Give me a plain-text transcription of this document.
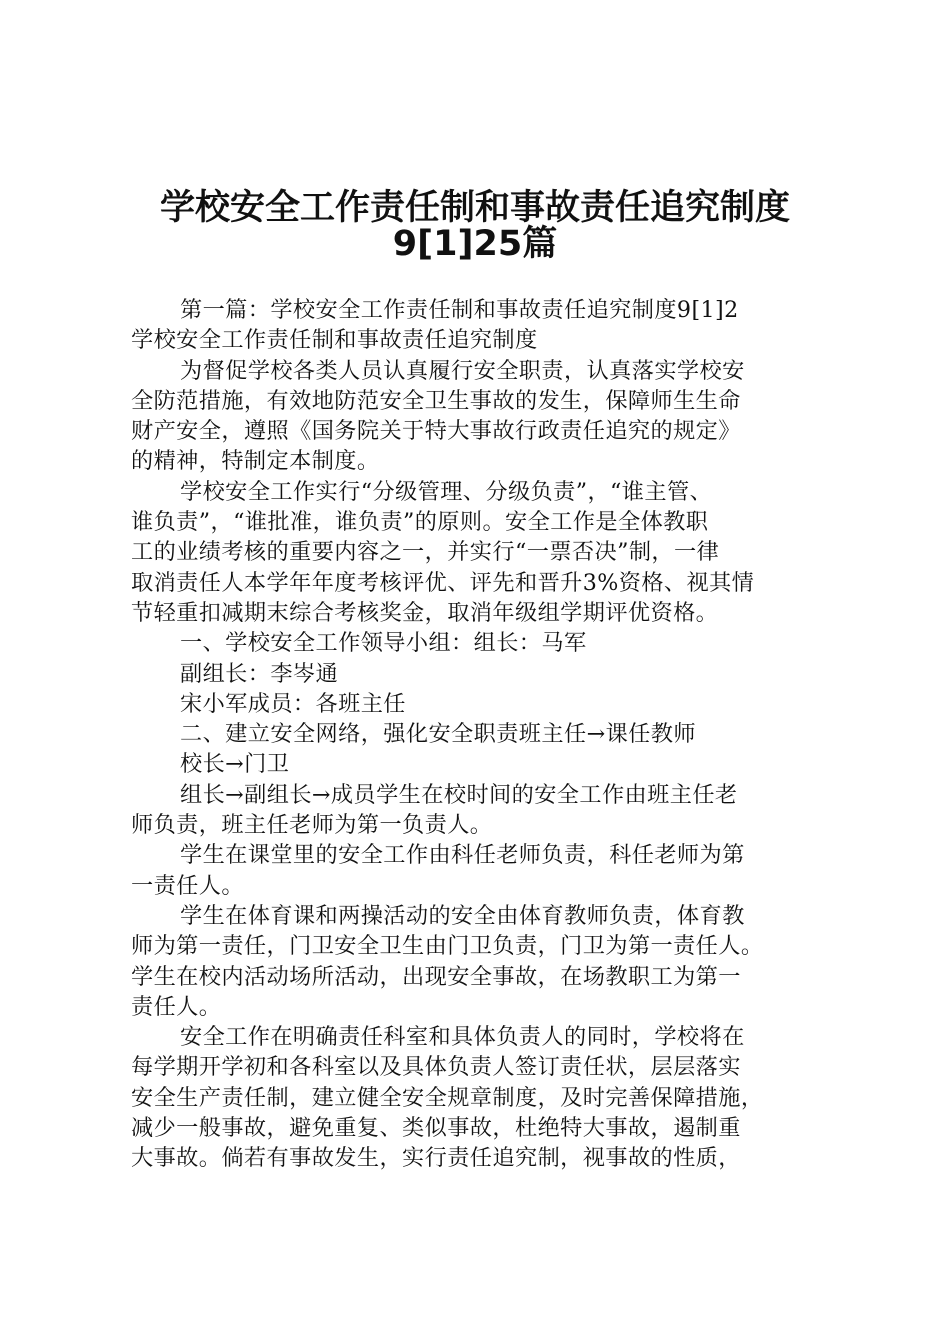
学校安全工作责任制和事故责任追究制度
9[1]25篇
第一篇：学校安全工作责任制和事故责任追究制度9[1]2
学校安全工作责任制和事故责任追究制度
为督促学校各类人员认真履行安全职责，认真落实学校安
全防范措施，有效地防范安全卫生事故的发生，保障师生生命
财产安全，遵照《国务院关于特大事故行政责任追究的规定》
的精神，特制定本制度。
学校安全工作实行“分级管理、分级负责”，“谁主管、
谁负责”，“谁批准，谁负责”的原则。安全工作是全体教职
工的业绩考核的重要内容之一，并实行“一票否决”制，一律
取消责任人本学年年度考核评优、评先和晋升3%资格、视其情
节轻重扣减期末综合考核奖金，取消年级组学期评优资格。
一、学校安全工作领导小组：组长：马军
副组长：李岑通
宋小军成员：各班主任
二、建立安全网络，强化安全职责班主任→课任教师
校长→门卫
组长→副组长→成员学生在校时间的安全工作由班主任老
师负责，班主任老师为第一负责人。
学生在课堂里的安全工作由科任老师负责，科任老师为第
一责任人。
学生在体育课和两操活动的安全由体育教师负责，体育教
师为第一责任，门卫安全卫生由门卫负责，门卫为第一责任人。
学生在校内活动场所活动，出现安全事故，在场教职工为第一
责任人。
安全工作在明确责任科室和具体负责人的同时，学校将在
每学期开学初和各科室以及具体负责人签订责任状，层层落实
安全生产责任制，建立健全安全规章制度，及时完善保障措施，
减少一般事故，避免重复、类似事故，杜绝特大事故，遏制重
大事故。倘若有事故发生，实行责任追究制，视事故的性质，
